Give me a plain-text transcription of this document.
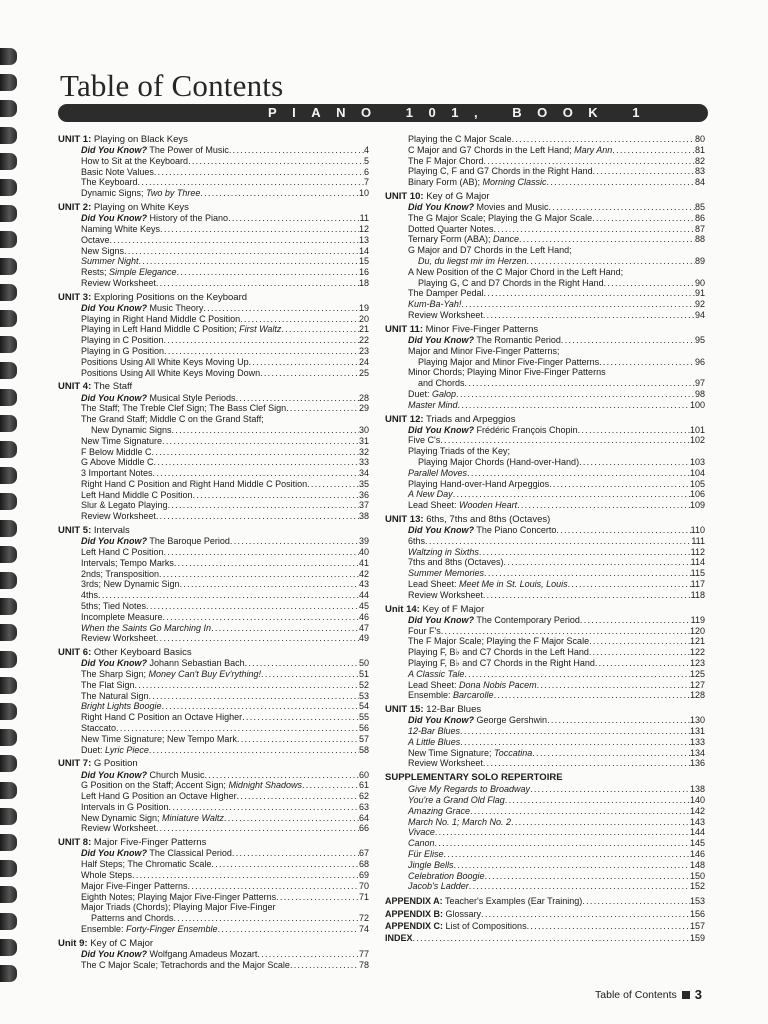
Table of Contents
PIANO 101, BOOK 1
UNIT 1: Playing on Black Keys
Did You Know? The Power of Music .....	4
How to Sit at the Keyboard .....	5
Basic Note Values .....	6
The Keyboard .....	7
Dynamic Signs; Two by Three .....	10
UNIT 2: Playing on White Keys
Did You Know? History of the Piano .....	11
Naming White Keys .....	12
Octave .....	13
New Signs .....	14
Summer Night .....	15
Rests; Simple Elegance .....	16
Review Worksheet .....	18
UNIT 3: Exploring Positions on the Keyboard
Did You Know? Music Theory .....	19
Playing in Right Hand Middle C Position .....	20
Playing in Left Hand Middle C Position; First Waltz .....	21
Playing in C Position .....	22
Playing in G Position .....	23
Positions Using All White Keys Moving Up .....	24
Positions Using All White Keys Moving Down .....	25
UNIT 4: The Staff
Did You Know? Musical Style Periods .....	28
The Staff; The Treble Clef Sign; The Bass Clef Sign .....	29
The Grand Staff; Middle C on the Grand Staff;
New Dynamic Signs .....	30
New Time Signature .....	31
F Below Middle C .....	32
G Above Middle C .....	33
3 Important Notes .....	34
Right Hand C Position and Right Hand Middle C Position .....	35
Left Hand Middle C Position .....	36
Slur & Legato Playing .....	37
Review Worksheet .....	38
UNIT 5: Intervals
Did You Know? The Baroque Period .....	39
Left Hand C Position .....	40
Intervals; Tempo Marks .....	41
2nds; Transposition .....	42
3rds; New Dynamic Sign .....	43
4ths .....	44
5ths; Tied Notes .....	45
Incomplete Measure .....	46
When the Saints Go Marching In .....	47
Review Worksheet .....	49
UNIT 6: Other Keyboard Basics
Did You Know? Johann Sebastian Bach .....	50
The Sharp Sign; Money Can't Buy Ev'rything! .....	51
The Flat Sign .....	52
The Natural Sign .....	53
Bright Lights Boogie .....	54
Right Hand C Position an Octave Higher .....	55
Staccato .....	56
New Time Signature; New Tempo Mark .....	57
Duet: Lyric Piece .....	58
UNIT 7: G Position
Did You Know? Church Music .....	60
G Position on the Staff; Accent Sign; Midnight Shadows .....	61
Left Hand G Position an Octave Higher .....	62
Intervals in G Position .....	63
New Dynamic Sign; Miniature Waltz .....	64
Review Worksheet .....	66
UNIT 8: Major Five-Finger Patterns
Did You Know? The Classical Period .....	67
Half Steps; The Chromatic Scale .....	68
Whole Steps .....	69
Major Five-Finger Patterns .....	70
Eighth Notes; Playing Major Five-Finger Patterns .....	71
Major Triads (Chords); Playing Major Five-Finger
Patterns and Chords .....	72
Ensemble: Forty-Finger Ensemble .....	74
Unit 9: Key of C Major
Did You Know? Wolfgang Amadeus Mozart .....	77
The C Major Scale; Tetrachords and the Major Scale .....	78
Playing the C Major Scale .....	80
C Major and G7 Chords in the Left Hand; Mary Ann .....	81
The F Major Chord .....	82
Playing C, F and G7 Chords in the Right Hand .....	83
Binary Form (AB); Morning Classic .....	84
UNIT 10: Key of G Major
Did You Know? Movies and Music .....	85
The G Major Scale; Playing the G Major Scale .....	86
Dotted Quarter Notes .....	87
Ternary Form (ABA); Dance .....	88
G Major and D7 Chords in the Left Hand;
Du, du liegst mir im Herzen .....	89
A New Position of the C Major Chord in the Left Hand;
Playing G, C and D7 Chords in the Right Hand .....	90
The Damper Pedal .....	91
Kum-Ba-Yah! .....	92
Review Worksheet .....	94
UNIT 11: Minor Five-Finger Patterns
Did You Know? The Romantic Period .....	95
Major and Minor Five-Finger Patterns;
Playing Major and Minor Five-Finger Patterns .....	96
Minor Chords; Playing Minor Five-Finger Patterns
and Chords .....	97
Duet: Galop .....	98
Master Mind .....	100
UNIT 12: Triads and Arpeggios
Did You Know? Frédéric François Chopin .....	101
Five C's .....	102
Playing Triads of the Key;
Playing Major Chords (Hand-over-Hand) .....	103
Parallel Moves .....	104
Playing Hand-over-Hand Arpeggios .....	105
A New Day .....	106
Lead Sheet: Wooden Heart .....	109
UNIT 13: 6ths, 7ths and 8ths (Octaves)
Did You Know? The Piano Concerto .....	110
6ths .....	111
Waltzing in Sixths .....	112
7ths and 8ths (Octaves) .....	114
Summer Memories .....	115
Lead Sheet: Meet Me in St. Louis, Louis .....	117
Review Worksheet .....	118
Unit 14: Key of F Major
Did You Know? The Contemporary Period .....	119
Four F's .....	120
The F Major Scale; Playing the F Major Scale .....	121
Playing F, B♭ and C7 Chords in the Left Hand .....	122
Playing F, B♭ and C7 Chords in the Right Hand .....	123
A Classic Tale .....	125
Lead Sheet: Dona Nobis Pacem .....	127
Ensemble: Barcarolle .....	128
UNIT 15: 12-Bar Blues
Did You Know? George Gershwin .....	130
12-Bar Blues .....	131
A Little Blues .....	133
New Time Signature; Toccatina .....	134
Review Worksheet .....	136
SUPPLEMENTARY SOLO REPERTOIRE
Give My Regards to Broadway .....	138
You're a Grand Old Flag .....	140
Amazing Grace .....	142
March No. 1; March No. 2 .....	143
Vivace .....	144
Canon .....	145
Für Elise .....	146
Jingle Bells .....	148
Celebration Boogie .....	150
Jacob's Ladder .....	152
APPENDIX A: Teacher's Examples (Ear Training) .....	153
APPENDIX B: Glossary .....	156
APPENDIX C: List of Compositions .....	157
INDEX .....	159
Table of Contents 3
